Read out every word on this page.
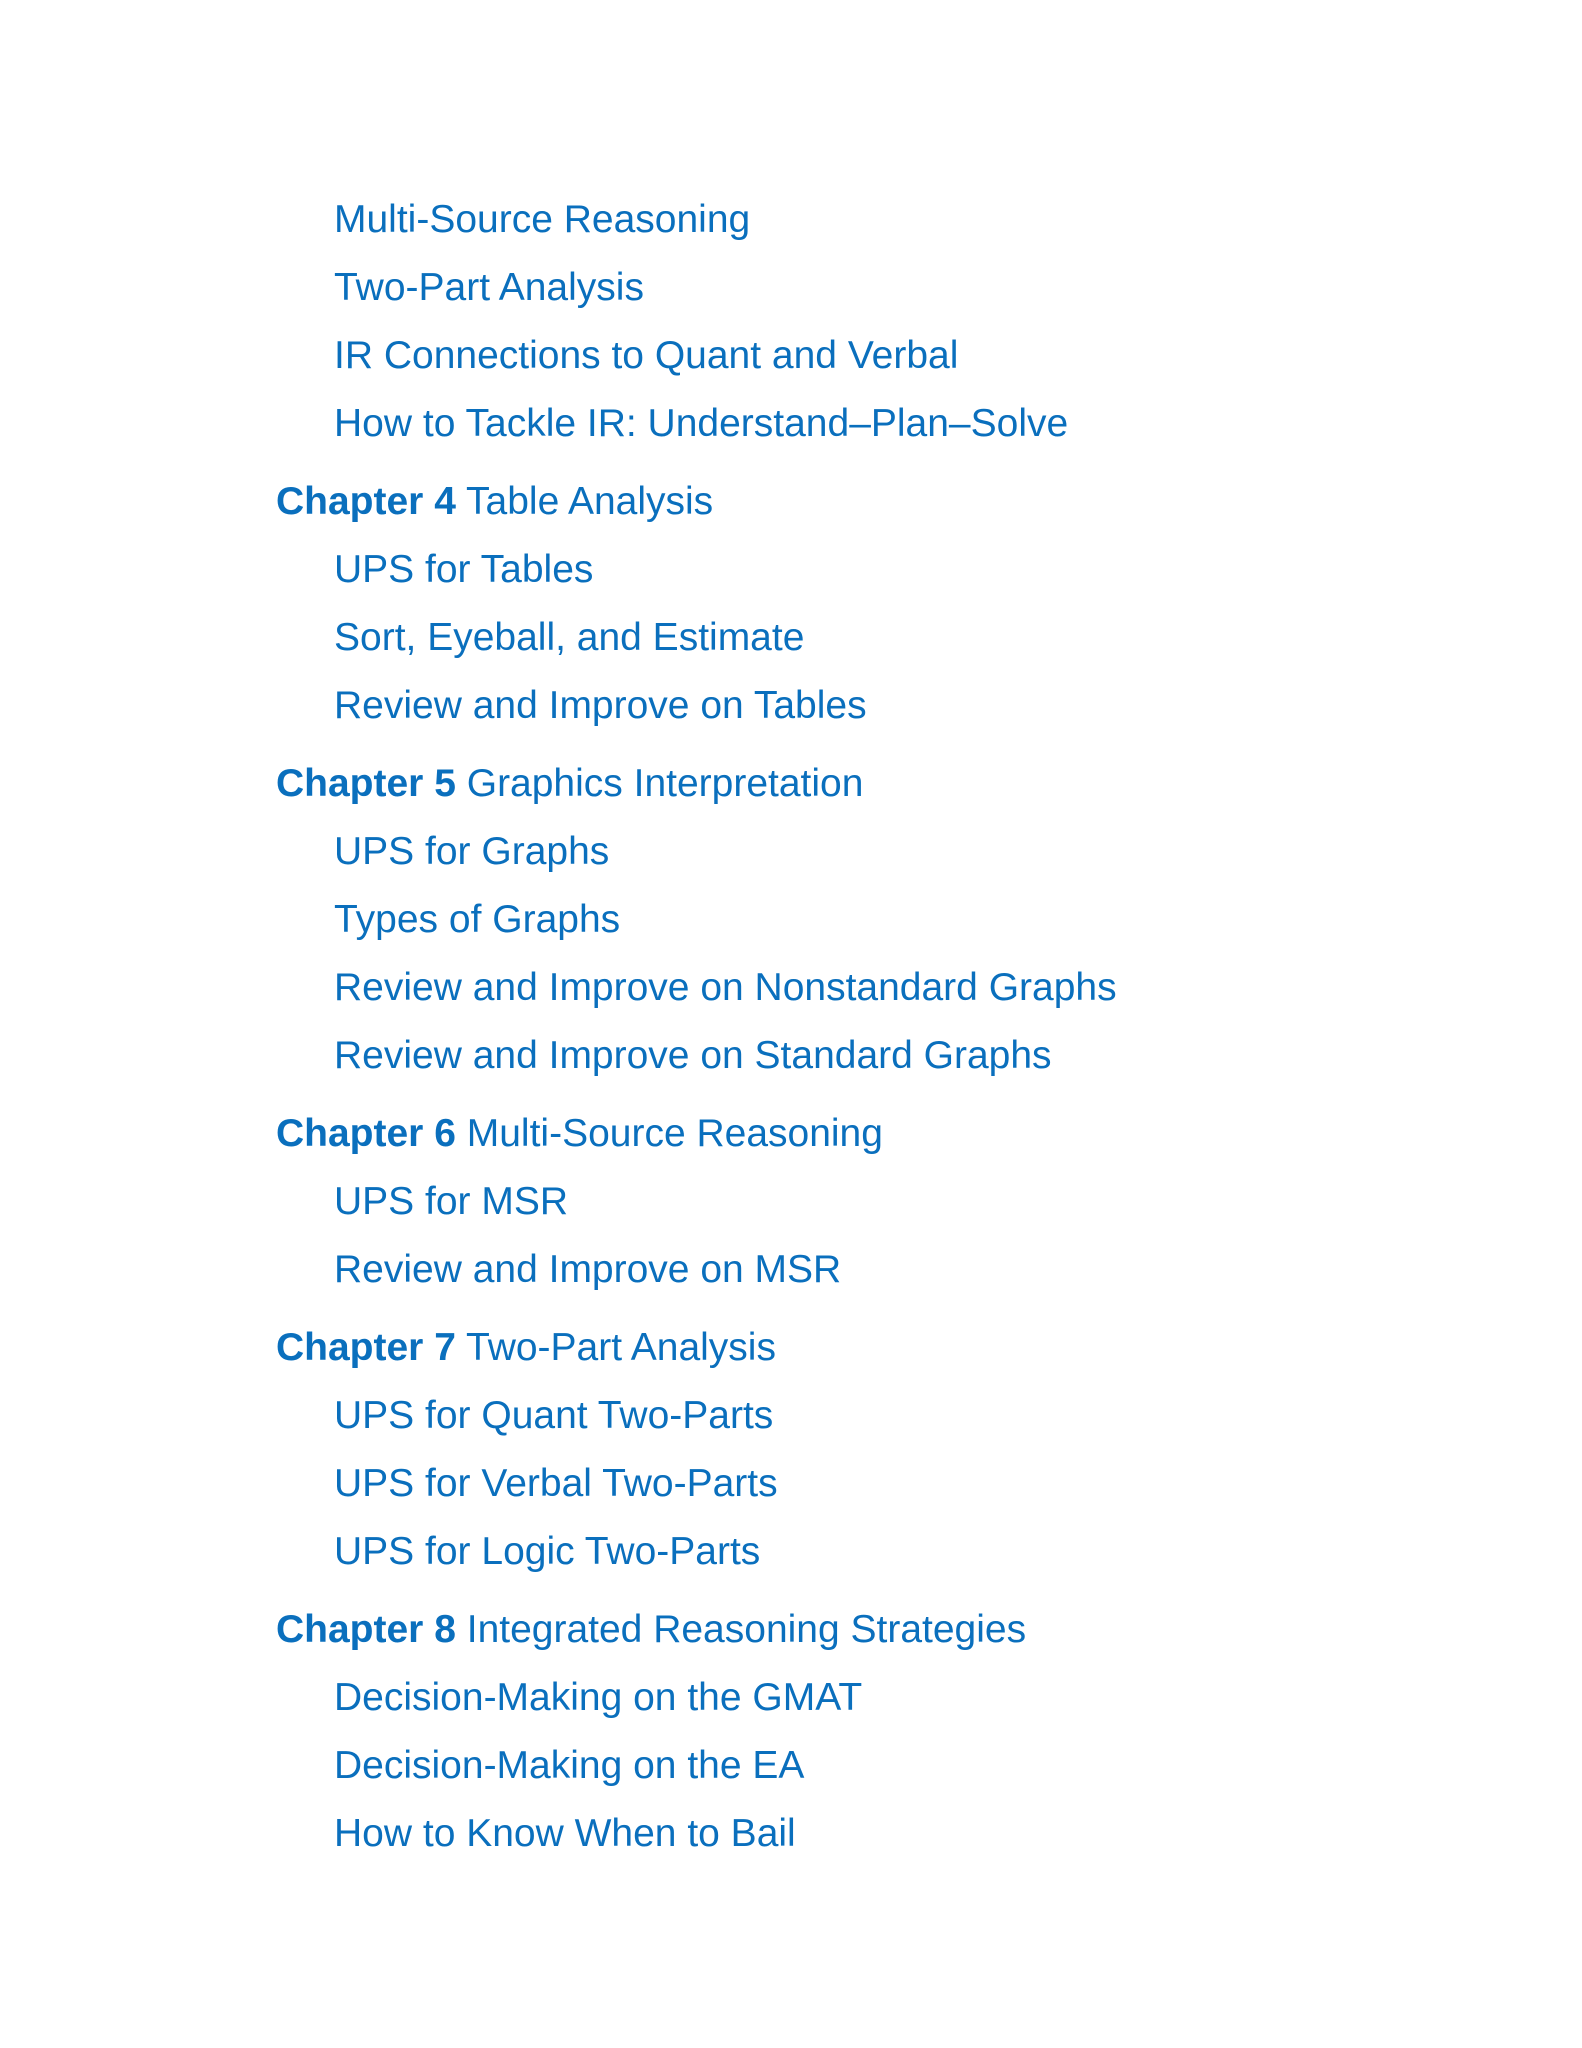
Multi-Source Reasoning
Two-Part Analysis
IR Connections to Quant and Verbal
How to Tackle IR: Understand–Plan–Solve
Chapter 4 Table Analysis
UPS for Tables
Sort, Eyeball, and Estimate
Review and Improve on Tables
Chapter 5 Graphics Interpretation
UPS for Graphs
Types of Graphs
Review and Improve on Nonstandard Graphs
Review and Improve on Standard Graphs
Chapter 6 Multi-Source Reasoning
UPS for MSR
Review and Improve on MSR
Chapter 7 Two-Part Analysis
UPS for Quant Two-Parts
UPS for Verbal Two-Parts
UPS for Logic Two-Parts
Chapter 8 Integrated Reasoning Strategies
Decision-Making on the GMAT
Decision-Making on the EA
How to Know When to Bail
